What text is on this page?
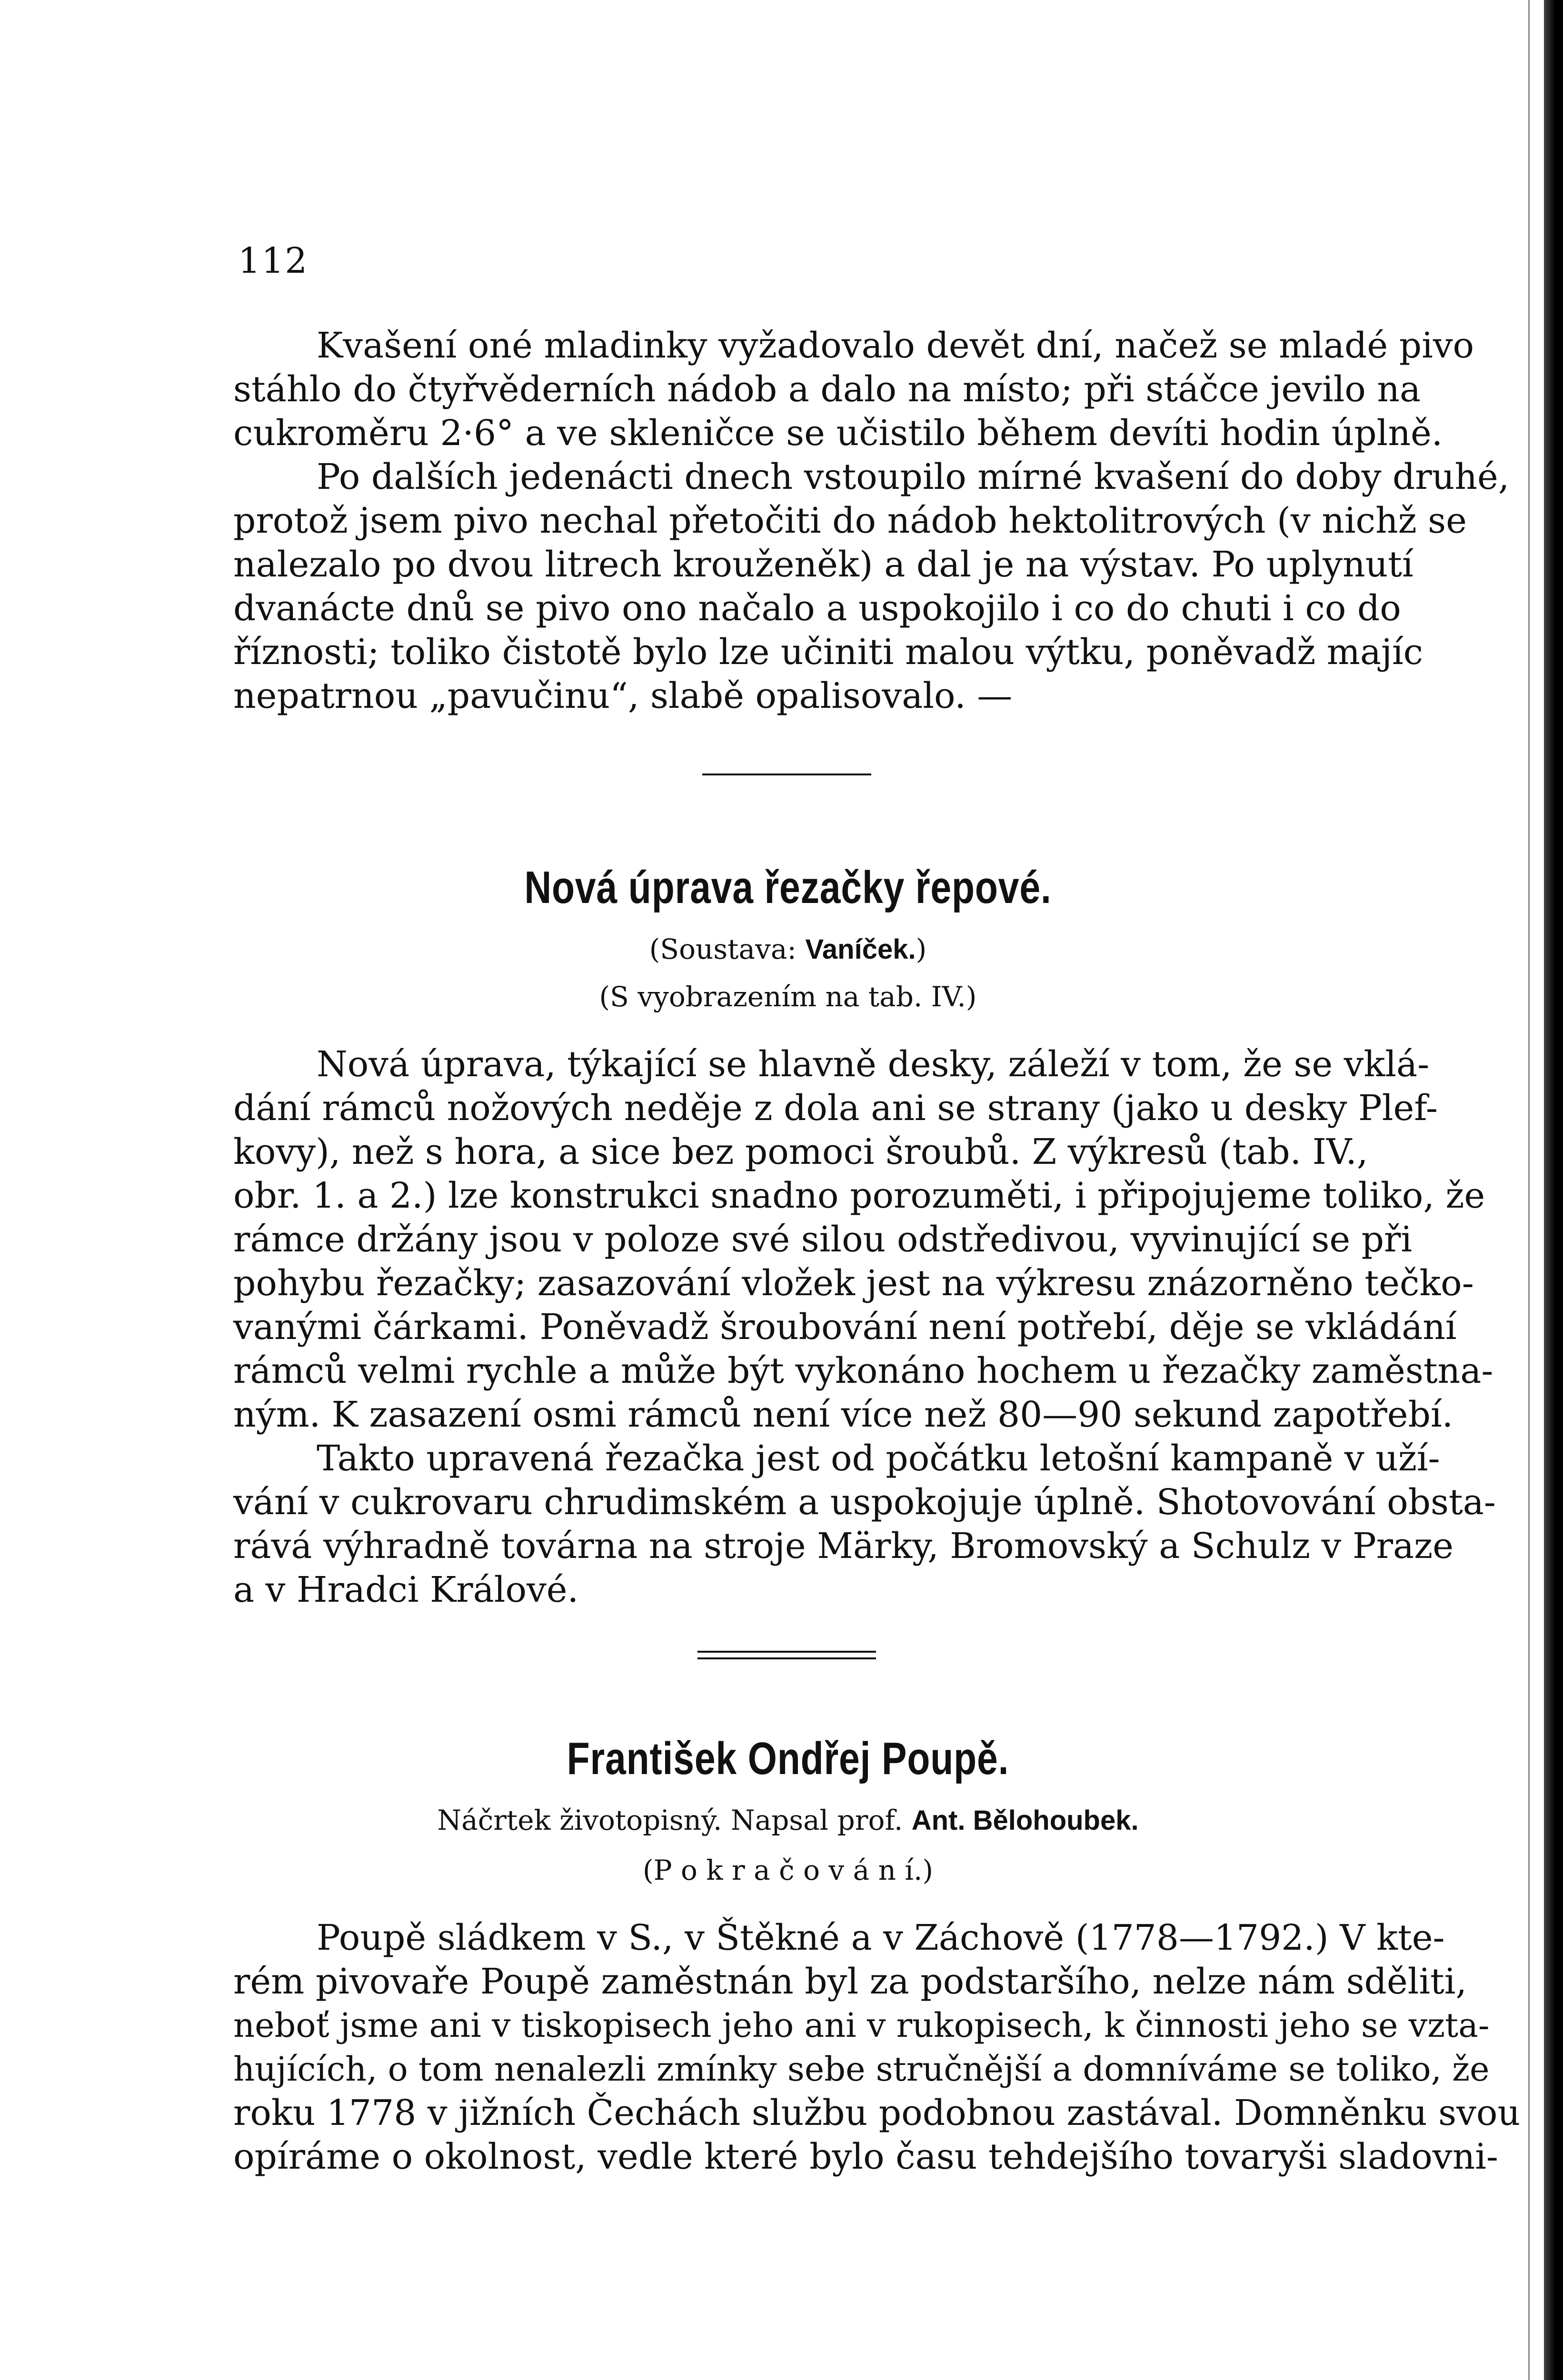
112
Kvašení oné mladinky vyžadovalo devět dní, načež se mladé pivo
stáhlo do čtyřvěderních nádob a dalo na místo; při stáčce jevilo na
cukroměru 2·6° a ve skleničce se učistilo během devíti hodin úplně.
Po dalších jedenácti dnech vstoupilo mírné kvašení do doby druhé,
protož jsem pivo nechal přetočiti do nádob hektolitrových (v nichž se
nalezalo po dvou litrech krouženěk) a dal je na výstav. Po uplynutí
dvanácte dnů se pivo ono načalo a uspokojilo i co do chuti i co do
říznosti; toliko čistotě bylo lze učiniti malou výtku, poněvadž majíc
nepatrnou „pavučinu“, slabě opalisovalo. —
Nová úprava řezačky řepové.
(Soustava: Vaníček.)
(S vyobrazením na tab. IV.)
Nová úprava, týkající se hlavně desky, záleží v tom, že se vklá-
dání rámců nožových neděje z dola ani se strany (jako u desky Plef-
kovy), než s hora, a sice bez pomoci šroubů. Z výkresů (tab. IV.,
obr. 1. a 2.) lze konstrukci snadno porozuměti, i připojujeme toliko, že
rámce držány jsou v poloze své silou odstředivou, vyvinující se při
pohybu řezačky; zasazování vložek jest na výkresu znázorněno tečko-
vanými čárkami. Poněvadž šroubování není potřebí, děje se vkládání
rámců velmi rychle a může být vykonáno hochem u řezačky zaměstna-
ným. K zasazení osmi rámců není více než 80—90 sekund zapotřebí.
Takto upravená řezačka jest od počátku letošní kampaně v uží-
vání v cukrovaru chrudimském a uspokojuje úplně. Shotovování obsta-
rává výhradně továrna na stroje Märky, Bromovský a Schulz v Praze
a v Hradci Králové.
František Ondřej Poupě.
Náčrtek životopisný. Napsal prof. Ant. Bělohoubek.
(P o k r a č o v á n í.)
Poupě sládkem v S., v Štěkné a v Záchově (1778—1792.) V kte-
rém pivovaře Poupě zaměstnán byl za podstaršího, nelze nám sděliti,
neboť jsme ani v tiskopisech jeho ani v rukopisech, k činnosti jeho se vzta-
hujících, o tom nenalezli zmínky sebe stručnější a domníváme se toliko, že
roku 1778 v jižních Čechách službu podobnou zastával. Domněnku svou
opíráme o okolnost, vedle které bylo času tehdejšího tovaryši sladovni-
